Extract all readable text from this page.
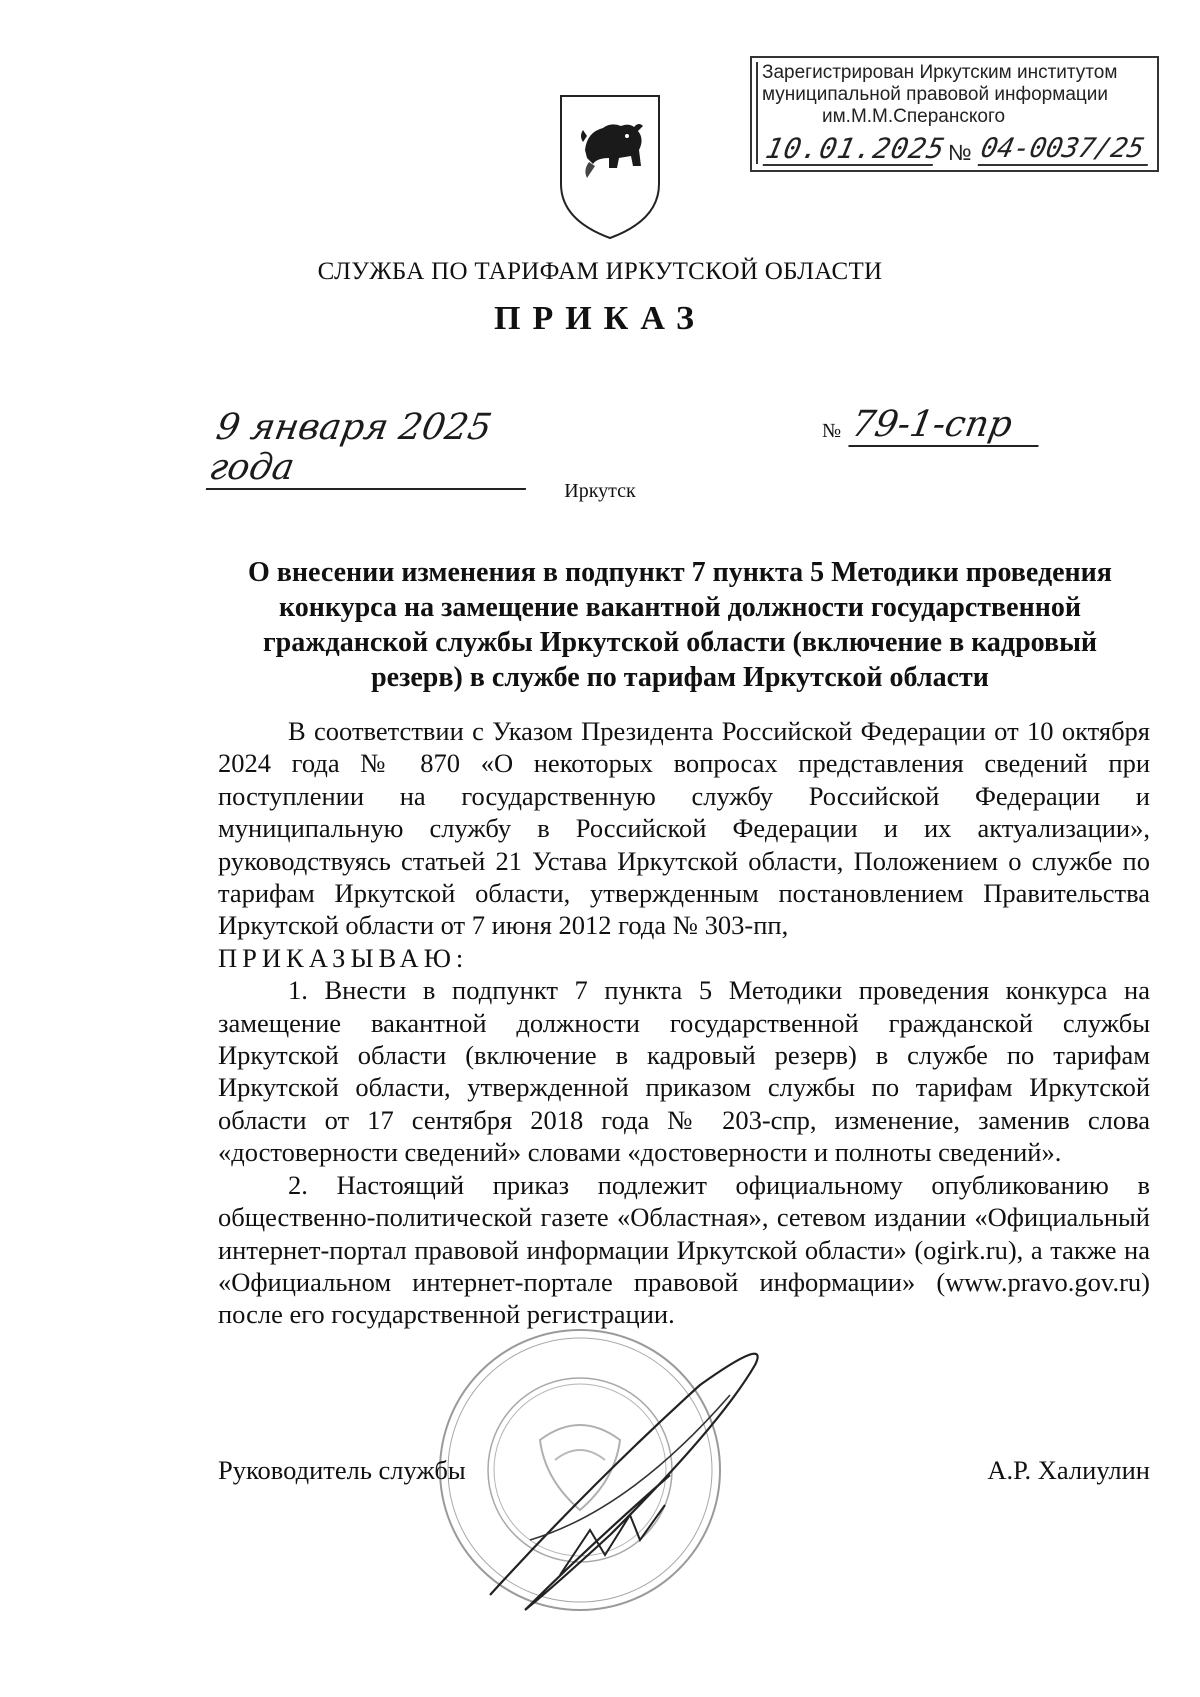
Зарегистрирован Иркутским институтом
муниципальной правовой информации
им.М.М.Сперанского
10.01.2025 № 04-0037/25
СЛУЖБА ПО ТАРИФАМ ИРКУТСКОЙ ОБЛАСТИ
ПРИКАЗ
9 января 2025 года
№ 79-1-спр
Иркутск
О внесении изменения в подпункт 7 пункта 5 Методики проведения конкурса на замещение вакантной должности государственной гражданской службы Иркутской области (включение в кадровый резерв) в службе по тарифам Иркутской области

В соответствии с Указом Президента Российской Федерации от 10 октября 2024 года № 870 «О некоторых вопросах представления сведений при поступлении на государственную службу Российской Федерации и муниципальную службу в Российской Федерации и их актуализации», руководствуясь статьей 21 Устава Иркутской области, Положением о службе по тарифам Иркутской области, утвержденным постановлением Правительства Иркутской области от 7 июня 2012 года № 303-пп,

ПРИКАЗЫВАЮ:

1. Внести в подпункт 7 пункта 5 Методики проведения конкурса на замещение вакантной должности государственной гражданской службы Иркутской области (включение в кадровый резерв) в службе по тарифам Иркутской области, утвержденной приказом службы по тарифам Иркутской области от 17 сентября 2018 года № 203-спр, изменение, заменив слова «достоверности сведений» словами «достоверности и полноты сведений».

2. Настоящий приказ подлежит официальному опубликованию в общественно-политической газете «Областная», сетевом издании «Официальный интернет-портал правовой информации Иркутской области» (ogirk.ru), а также на «Официальном интернет-портале правовой информации» (www.pravo.gov.ru) после его государственной регистрации.

Руководитель службы	А.Р. Халиулин
